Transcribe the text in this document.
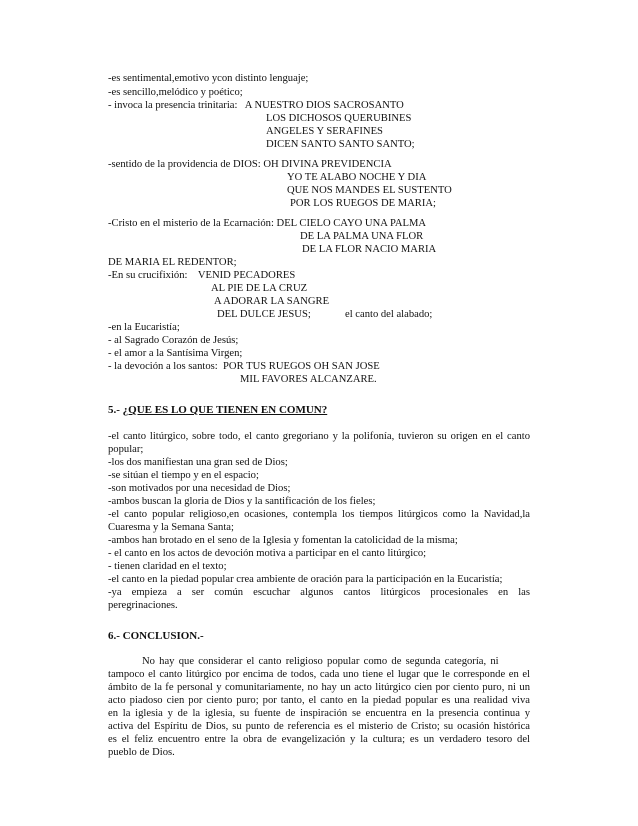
-es sentimental,emotivo ycon distinto lenguaje;
-es sencillo,melódico y poético;
- invoca la presencia trinitaria:   A NUESTRO DIOS SACROSANTO
LOS DICHOSOS QUERUBINES
ANGELES Y SERAFINES
DICEN SANTO SANTO SANTO;
-sentido de la providencia de DIOS: OH DIVINA PREVIDENCIA
YO TE ALABO NOCHE Y DIA
QUE NOS MANDES EL SUSTENTO
POR LOS RUEGOS DE MARIA;
-Cristo en el misterio de la Ecarnación: DEL CIELO CAYO UNA PALMA
DE LA PALMA UNA FLOR
DE LA FLOR NACIO MARIA
DE MARIA EL REDENTOR;
-En su crucifixión:    VENID PECADORES
AL PIE DE LA CRUZ
A ADORAR LA SANGRE
DEL DULCE JESUS;	el canto del alabado;
-en la Eucaristía;
- al Sagrado Corazón de Jesús;
- el amor a la Santísima Virgen;
- la devoción a los santos:  POR TUS RUEGOS OH SAN JOSE
MIL FAVORES ALCANZARE.
5.- ¿QUE ES LO QUE TIENEN EN COMUN?
-el canto litúrgico, sobre todo, el canto gregoriano y la polifonía, tuvieron su origen en el canto
popular;
-los dos manifiestan una gran sed de Dios;
-se sitúan el tiempo y en el espacio;
-son motivados por una necesidad de Dios;
-ambos buscan la gloria de Dios y la santificación de los fieles;
-el canto popular religioso,en ocasiones, contempla los tiempos litúrgicos como la Navidad,la
Cuaresma y la Semana Santa;
-ambos han brotado en el seno de la Iglesia y fomentan la catolicidad de la misma;
- el canto en los actos de devoción motiva a participar en el canto litúrgico;
- tienen claridad en el texto;
-el canto en la piedad popular crea ambiente de oración para la participación en la Eucaristía;
-ya empieza a ser común escuchar algunos cantos litúrgicos procesionales en las
peregrinaciones.
6.- CONCLUSION.-
No hay que considerar el canto religioso popular como de segunda categoría, ni
tampoco el canto litúrgico por encima de todos, cada uno tiene el lugar que le corresponde en el
ámbito de la fe personal y comunitariamente, no hay un acto litúrgico cien por ciento puro, ni un
acto piadoso cien por ciento puro; por tanto, el canto en la piedad popular es una realidad viva
en la iglesia y de la iglesia, su fuente de inspiración se encuentra en la presencia continua y
activa del Espíritu de Dios, su punto de referencia es el misterio de Cristo; su ocasión histórica
es el feliz encuentro entre la obra de evangelización y la cultura; es un verdadero tesoro del
pueblo de Dios.
